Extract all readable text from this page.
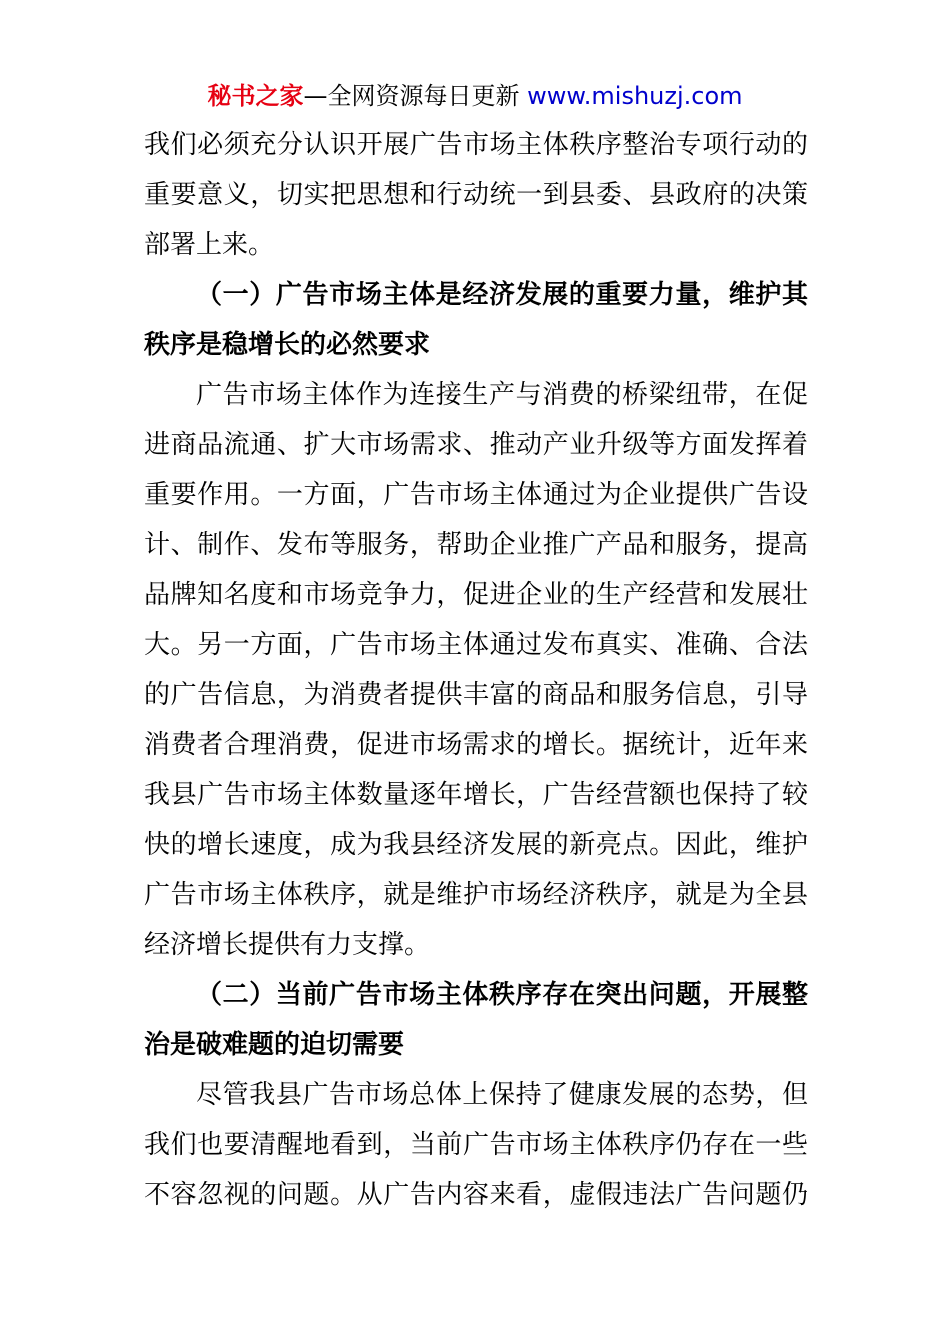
秘书之家—全网资源每日更新 www.mishuzj.com
我们必须充分认识开展广告市场主体秩序整治专项行动的
重要意义，切实把思想和行动统一到县委、县政府的决策
部署上来。
（一）广告市场主体是经济发展的重要力量，维护其
秩序是稳增长的必然要求
广告市场主体作为连接生产与消费的桥梁纽带，在促
进商品流通、扩大市场需求、推动产业升级等方面发挥着
重要作用。一方面，广告市场主体通过为企业提供广告设
计、制作、发布等服务，帮助企业推广产品和服务，提高
品牌知名度和市场竞争力，促进企业的生产经营和发展壮
大。另一方面，广告市场主体通过发布真实、准确、合法
的广告信息，为消费者提供丰富的商品和服务信息，引导
消费者合理消费，促进市场需求的增长。据统计，近年来
我县广告市场主体数量逐年增长，广告经营额也保持了较
快的增长速度，成为我县经济发展的新亮点。因此，维护
广告市场主体秩序，就是维护市场经济秩序，就是为全县
经济增长提供有力支撑。
（二）当前广告市场主体秩序存在突出问题，开展整
治是破难题的迫切需要
尽管我县广告市场总体上保持了健康发展的态势，但
我们也要清醒地看到，当前广告市场主体秩序仍存在一些
不容忽视的问题。从广告内容来看，虚假违法广告问题仍
